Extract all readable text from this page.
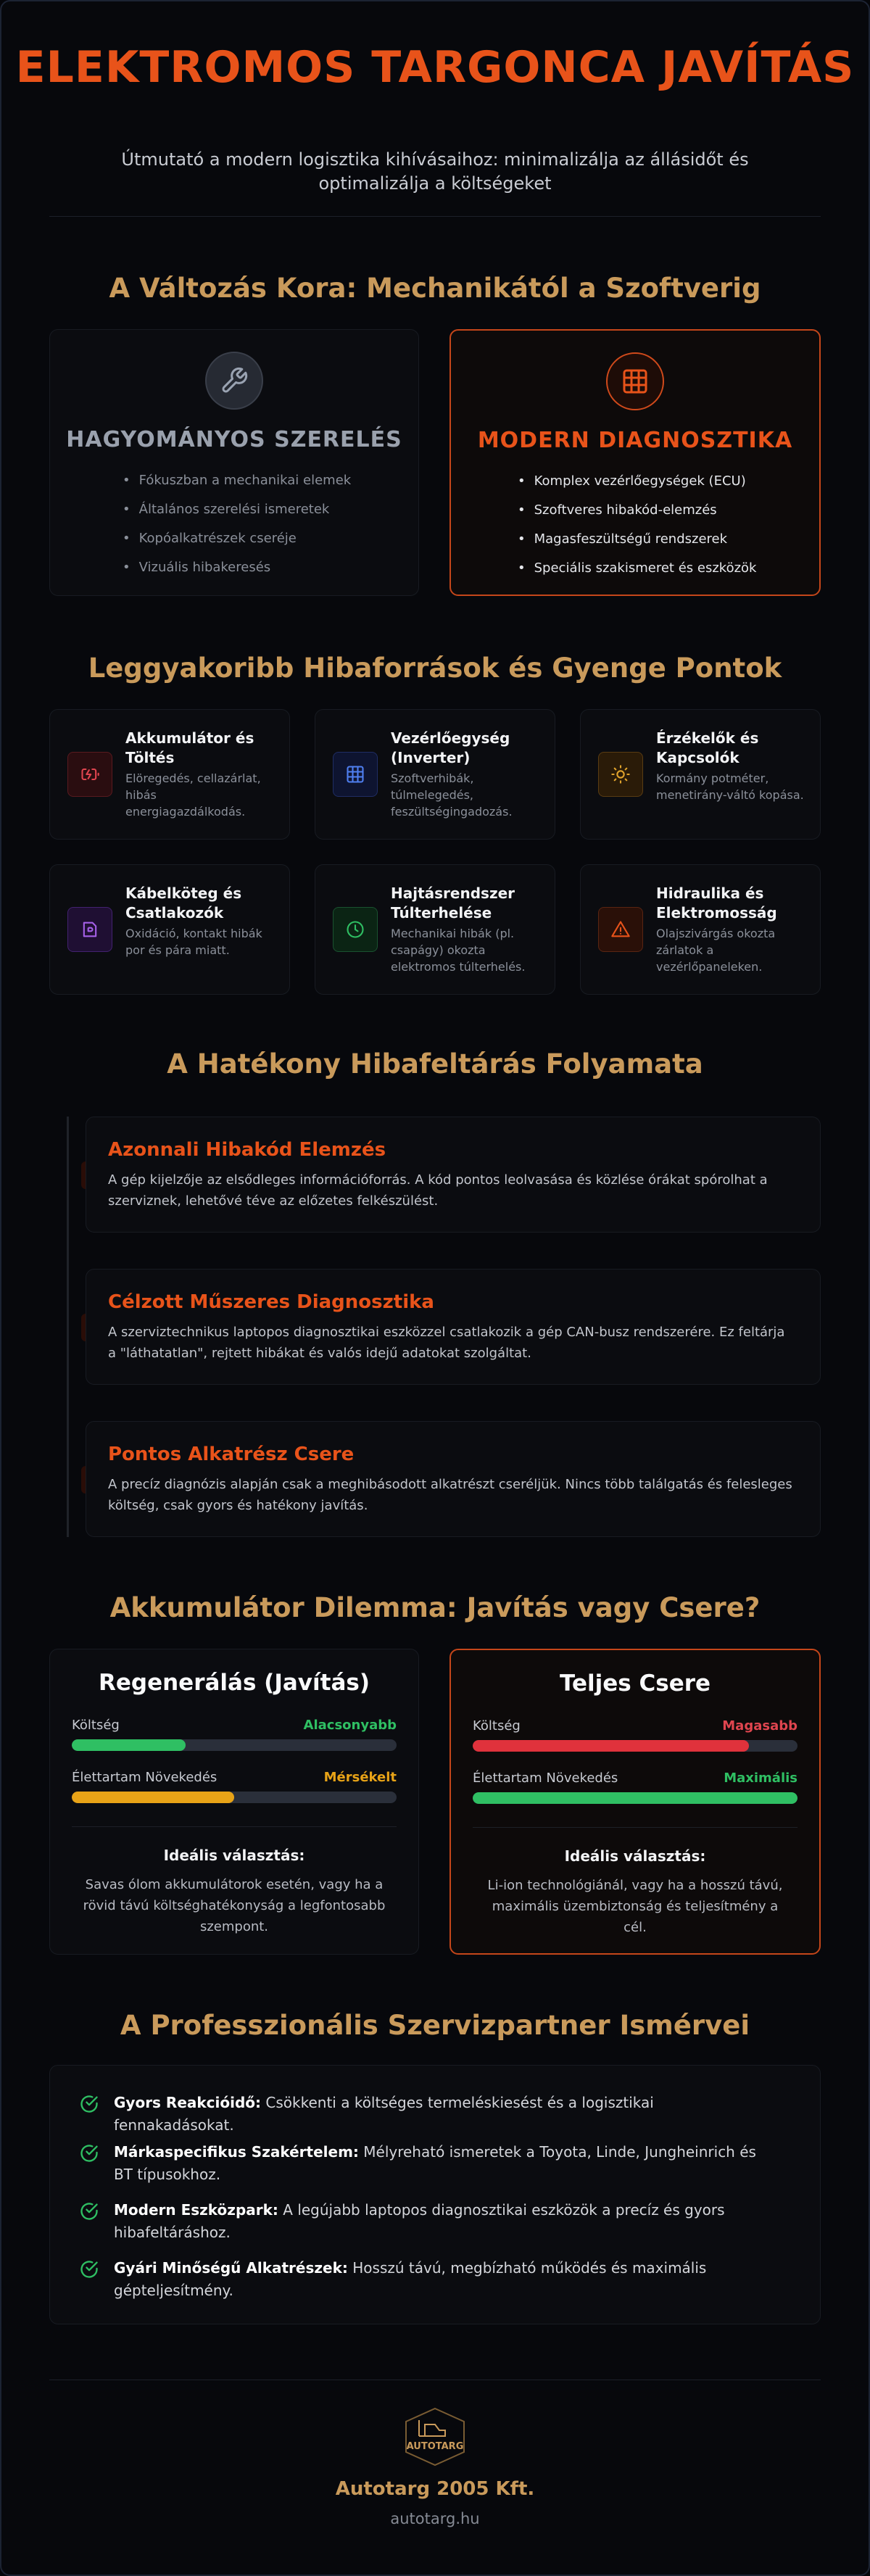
ELEKTROMOS TARGONCA JAVÍTÁS

Útmutató a modern logisztika kihívásaihoz: minimalizálja az állásidőt és optimalizálja a költségeket

A Változás Kora: Mechanikától a Szoftverig
HAGYOMÁNYOS SZERELÉS
• Fókuszban a mechanikai elemek
• Általános szerelési ismeretek
• Kopóalkatrészek cseréje
• Vizuális hibakeresés
MODERN DIAGNOSZTIKA
• Komplex vezérlőegységek (ECU)
• Szoftveres hibakód-elemzés
• Magasfeszültségű rendszerek
• Speciális szakismeret és eszközök
Leggyakoribb Hibaforrások és Gyenge Pontok
Akkumulátor és Töltés
Elöregedés, cellazárlat, hibás energiagazdálkodás.
Vezérlőegység (Inverter)
Szoftverhibák, túlmelegedés, feszültségingadozás.
Érzékelők és Kapcsolók
Kormány potméter, menetirány-váltó kopása.
Kábelköteg és Csatlakozók
Oxidáció, kontakt hibák por és pára miatt.
Hajtásrendszer Túlterhelése
Mechanikai hibák (pl. csapágy) okozta elektromos túlterhelés.
Hidraulika és Elektromosság
Olajszivárgás okozta zárlatok a vezérlőpaneleken.
A Hatékony Hibafeltárás Folyamata
Azonnali Hibakód Elemzés
A gép kijelzője az elsődleges információforrás. A kód pontos leolvasása és közlése órákat spórolhat a szerviznek, lehetővé téve az előzetes felkészülést.
Célzott Műszeres Diagnosztika
A szerviztechnikus laptopos diagnosztikai eszközzel csatlakozik a gép CAN-busz rendszerére. Ez feltárja a "láthatatlan", rejtett hibákat és valós idejű adatokat szolgáltat.
Pontos Alkatrész Csere
A precíz diagnózis alapján csak a meghibásodott alkatrészt cseréljük. Nincs több találgatás és felesleges költség, csak gyors és hatékony javítás.
Akkumulátor Dilemma: Javítás vagy Csere?
Regenerálás (Javítás)
Költség	Alacsonyabb
Élettartam Növekedés	Mérsékelt
Ideális választás:
Savas ólom akkumulátorok esetén, vagy ha a rövid távú költséghatékonyság a legfontosabb szempont.
Teljes Csere
Költség	Magasabb
Élettartam Növekedés	Maximális
Ideális választás:
Li-ion technológiánál, vagy ha a hosszú távú, maximális üzembiztonság és teljesítmény a cél.
A Professzionális Szervizpartner Ismérvei
Gyors Reakcióidő: Csökkenti a költséges termeléskiesést és a logisztikai fennakadásokat.
Márkaspecifikus Szakértelem: Mélyreható ismeretek a Toyota, Linde, Jungheinrich és BT típusokhoz.
Modern Eszközpark: A legújabb laptopos diagnosztikai eszközök a precíz és gyors hibafeltáráshoz.
Gyári Minőségű Alkatrészek: Hosszú távú, megbízható működés és maximális gépteljesítmény.
AUTOTARG
Autotarg 2005 Kft.
autotarg.hu
